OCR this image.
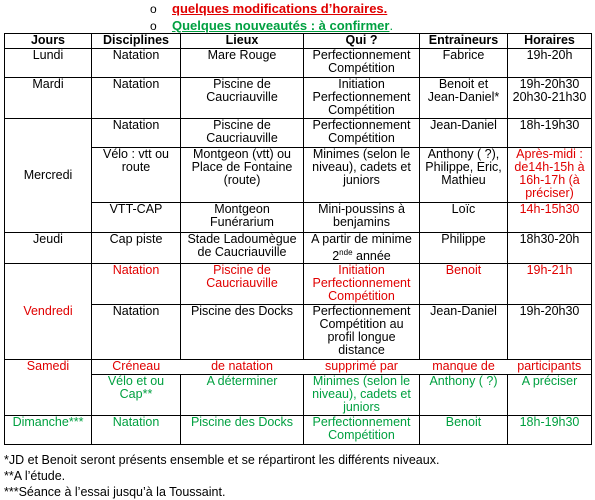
o quelques modifications d’horaires.
o Quelques nouveautés : à confirmer.
Jours	Disciplines	Lieux	Qui ?	Entraineurs	Horaires
Lundi	Natation	Mare Rouge	Perfectionnement
Compétition	Fabrice	19h-20h
Mardi	Natation	Piscine de
Caucriauville	Initiation
Perfectionnement
Compétition	Benoit et
Jean-Daniel*	19h-20h30
20h30-21h30
Mercredi	Natation	Piscine de
Caucriauville	Perfectionnement
Compétition	Jean-Daniel	18h-19h30
	Vélo : vtt ou
route	Montgeon (vtt) ou
Place de Fontaine
(route)	Minimes (selon le
niveau), cadets et
juniors	Anthony ( ?),
Philippe, Eric,
Mathieu	Après-midi :
de14h-15h à
16h-17h (à
préciser)
	VTT-CAP	Montgeon
Funérarium	Mini-poussins à
benjamins	Loïc	14h-15h30
Jeudi	Cap piste	Stade Ladoumègue
de Caucriauville	A partir de minime
2nde année	Philippe	18h30-20h
Vendredi	Natation	Piscine de
Caucriauville	Initiation
Perfectionnement
Compétition	Benoit	19h-21h
	Natation	Piscine des Docks	Perfectionnement
Compétition au
profil longue
distance	Jean-Daniel	19h-20h30
Samedi	Créneau	de natation	supprimé par	manque de	participants
	Vélo et ou
Cap**	A déterminer	Minimes (selon le
niveau), cadets et
juniors	Anthony ( ?)	A préciser
Dimanche***	Natation	Piscine des Docks	Perfectionnement
Compétition	Benoit	18h-19h30
*JD et Benoit seront présents ensemble et se répartiront les différents niveaux.
**A l’étude.
***Séance à l’essai jusqu’à la Toussaint.
